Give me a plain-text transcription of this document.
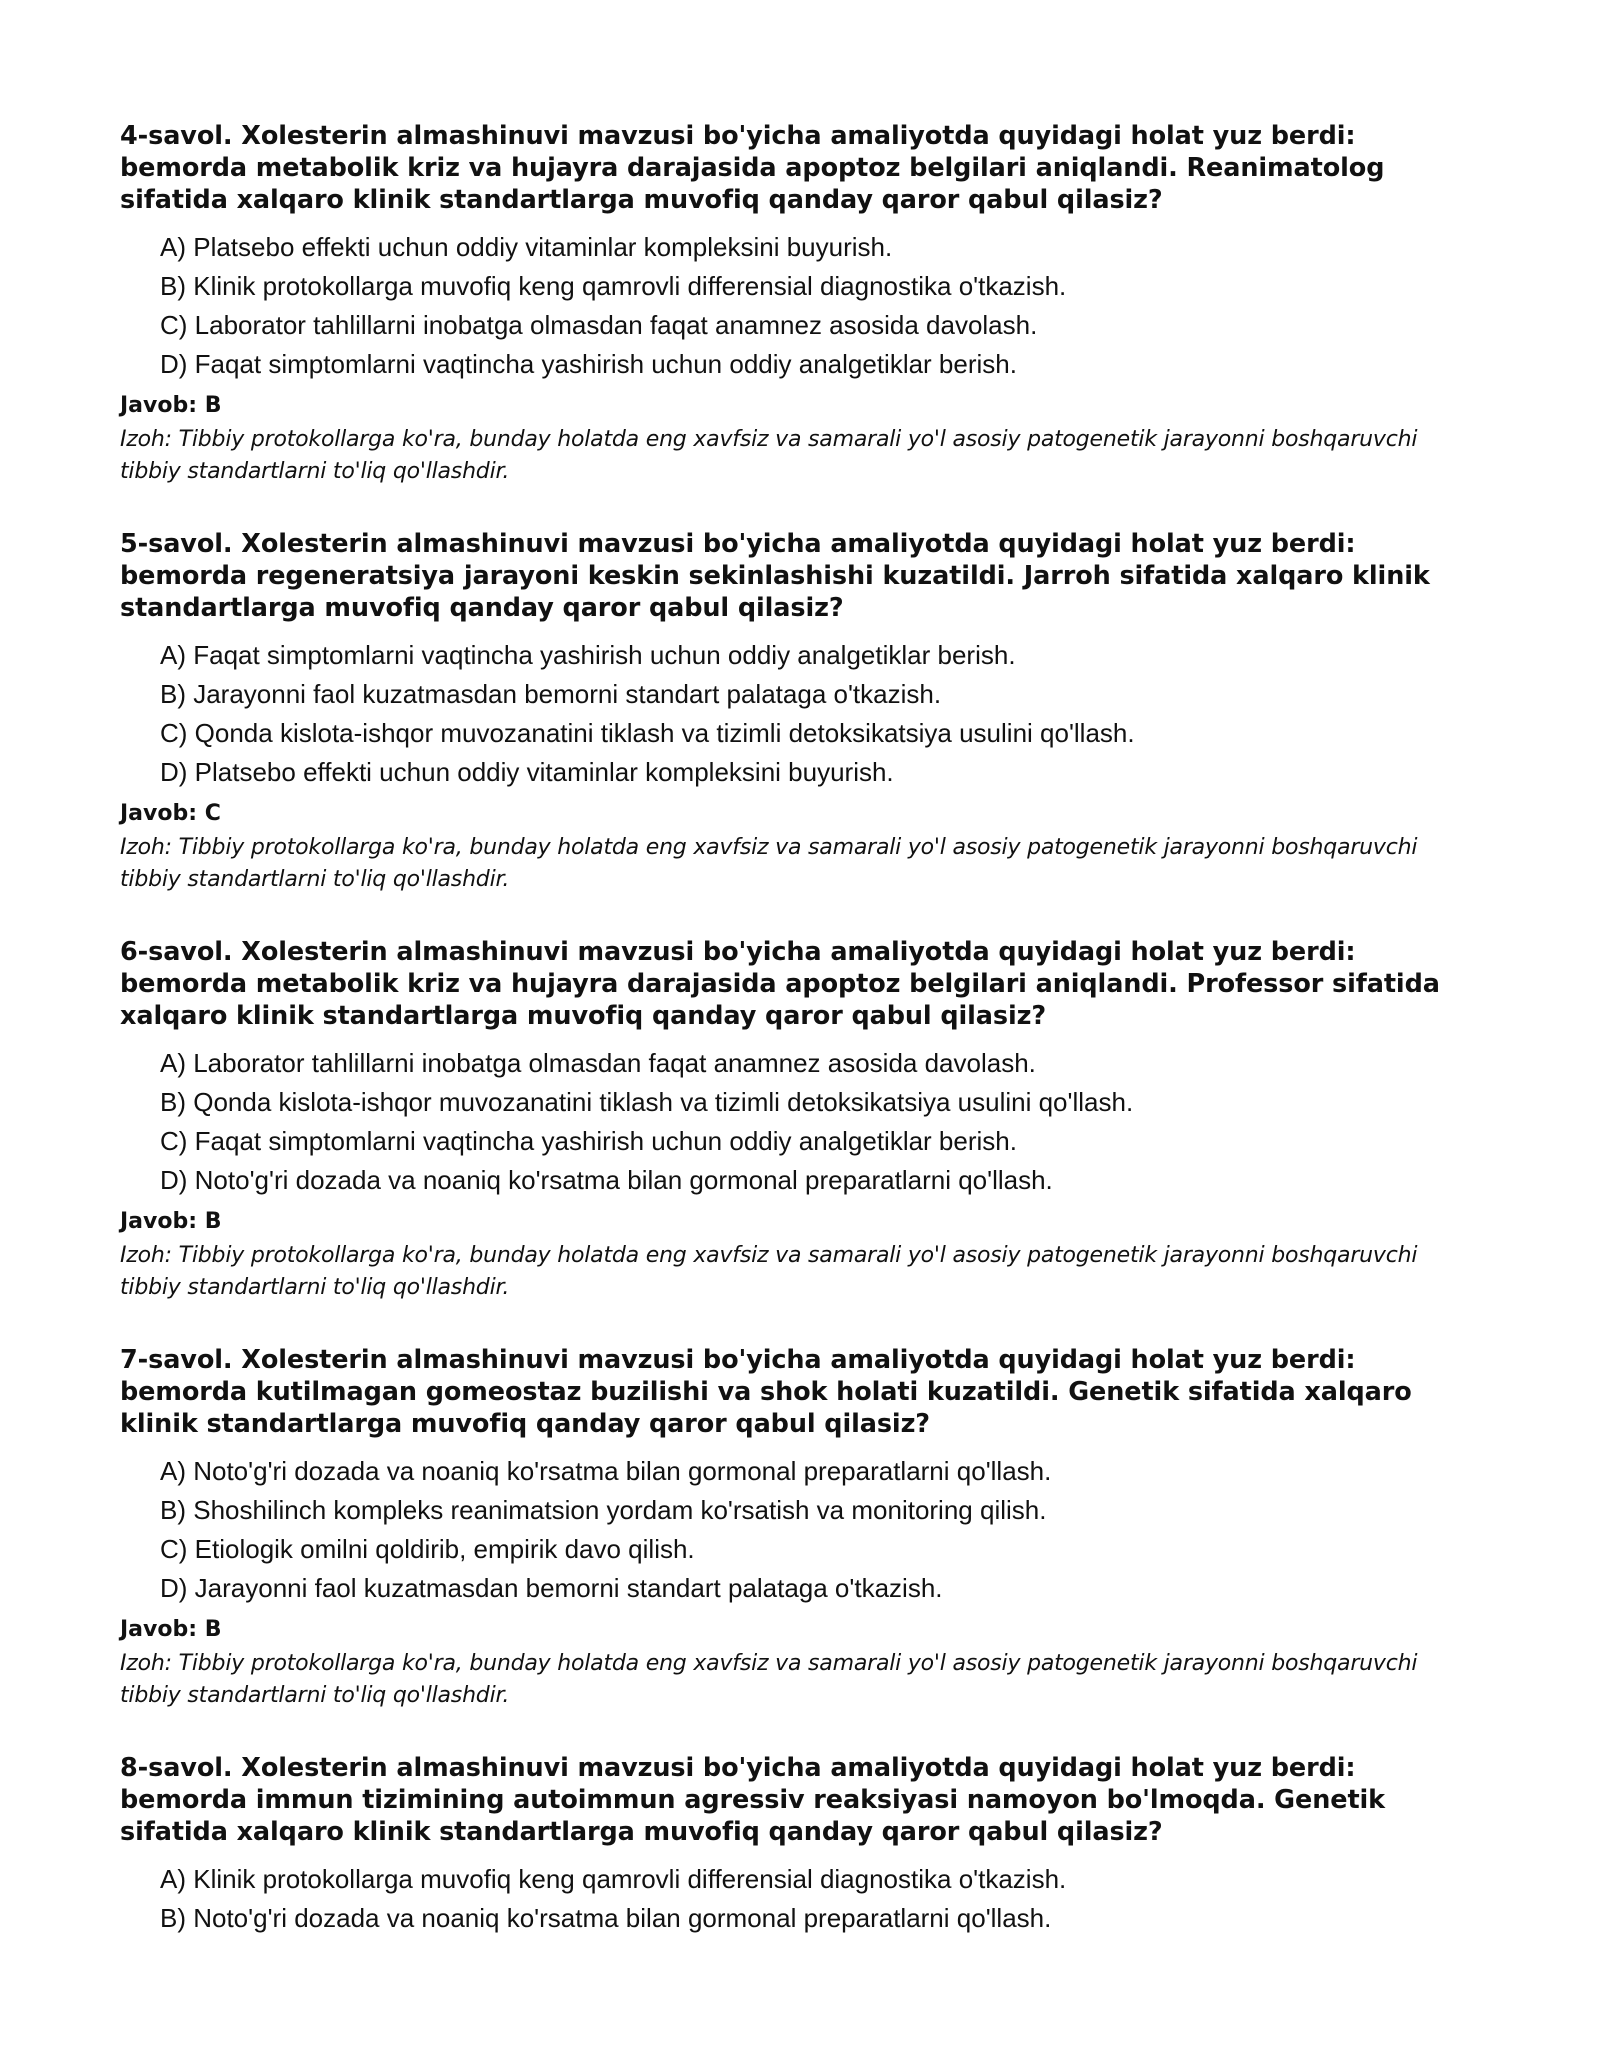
4-savol. Xolesterin almashinuvi mavzusi bo'yicha amaliyotda quyidagi holat yuz berdi: bemorda metabolik kriz va hujayra darajasida apoptoz belgilari aniqlandi. Reanimatolog sifatida xalqaro klinik standartlarga muvofiq qanday qaror qabul qilasiz?

A) Platsebo effekti uchun oddiy vitaminlar kompleksini buyurish.
B) Klinik protokollarga muvofiq keng qamrovli differensial diagnostika o'tkazish.
C) Laborator tahlillarni inobatga olmasdan faqat anamnez asosida davolash.
D) Faqat simptomlarni vaqtincha yashirish uchun oddiy analgetiklar berish.

Javob: B

Izoh: Tibbiy protokollarga ko'ra, bunday holatda eng xavfsiz va samarali yo'l asosiy patogenetik jarayonni boshqaruvchi tibbiy standartlarni to'liq qo'llashdir.

5-savol. Xolesterin almashinuvi mavzusi bo'yicha amaliyotda quyidagi holat yuz berdi: bemorda regeneratsiya jarayoni keskin sekinlashishi kuzatildi. Jarroh sifatida xalqaro klinik standartlarga muvofiq qanday qaror qabul qilasiz?

A) Faqat simptomlarni vaqtincha yashirish uchun oddiy analgetiklar berish.
B) Jarayonni faol kuzatmasdan bemorni standart palataga o'tkazish.
C) Qonda kislota-ishqor muvozanatini tiklash va tizimli detoksikatsiya usulini qo'llash.
D) Platsebo effekti uchun oddiy vitaminlar kompleksini buyurish.

Javob: C

Izoh: Tibbiy protokollarga ko'ra, bunday holatda eng xavfsiz va samarali yo'l asosiy patogenetik jarayonni boshqaruvchi tibbiy standartlarni to'liq qo'llashdir.

6-savol. Xolesterin almashinuvi mavzusi bo'yicha amaliyotda quyidagi holat yuz berdi: bemorda metabolik kriz va hujayra darajasida apoptoz belgilari aniqlandi. Professor sifatida xalqaro klinik standartlarga muvofiq qanday qaror qabul qilasiz?

A) Laborator tahlillarni inobatga olmasdan faqat anamnez asosida davolash.
B) Qonda kislota-ishqor muvozanatini tiklash va tizimli detoksikatsiya usulini qo'llash.
C) Faqat simptomlarni vaqtincha yashirish uchun oddiy analgetiklar berish.
D) Noto'g'ri dozada va noaniq ko'rsatma bilan gormonal preparatlarni qo'llash.

Javob: B

Izoh: Tibbiy protokollarga ko'ra, bunday holatda eng xavfsiz va samarali yo'l asosiy patogenetik jarayonni boshqaruvchi tibbiy standartlarni to'liq qo'llashdir.

7-savol. Xolesterin almashinuvi mavzusi bo'yicha amaliyotda quyidagi holat yuz berdi: bemorda kutilmagan gomeostaz buzilishi va shok holati kuzatildi. Genetik sifatida xalqaro klinik standartlarga muvofiq qanday qaror qabul qilasiz?

A) Noto'g'ri dozada va noaniq ko'rsatma bilan gormonal preparatlarni qo'llash.
B) Shoshilinch kompleks reanimatsion yordam ko'rsatish va monitoring qilish.
C) Etiologik omilni qoldirib, empirik davo qilish.
D) Jarayonni faol kuzatmasdan bemorni standart palataga o'tkazish.

Javob: B

Izoh: Tibbiy protokollarga ko'ra, bunday holatda eng xavfsiz va samarali yo'l asosiy patogenetik jarayonni boshqaruvchi tibbiy standartlarni to'liq qo'llashdir.

8-savol. Xolesterin almashinuvi mavzusi bo'yicha amaliyotda quyidagi holat yuz berdi: bemorda immun tizimining autoimmun agressiv reaksiyasi namoyon bo'lmoqda. Genetik sifatida xalqaro klinik standartlarga muvofiq qanday qaror qabul qilasiz?

A) Klinik protokollarga muvofiq keng qamrovli differensial diagnostika o'tkazish.
B) Noto'g'ri dozada va noaniq ko'rsatma bilan gormonal preparatlarni qo'llash.
